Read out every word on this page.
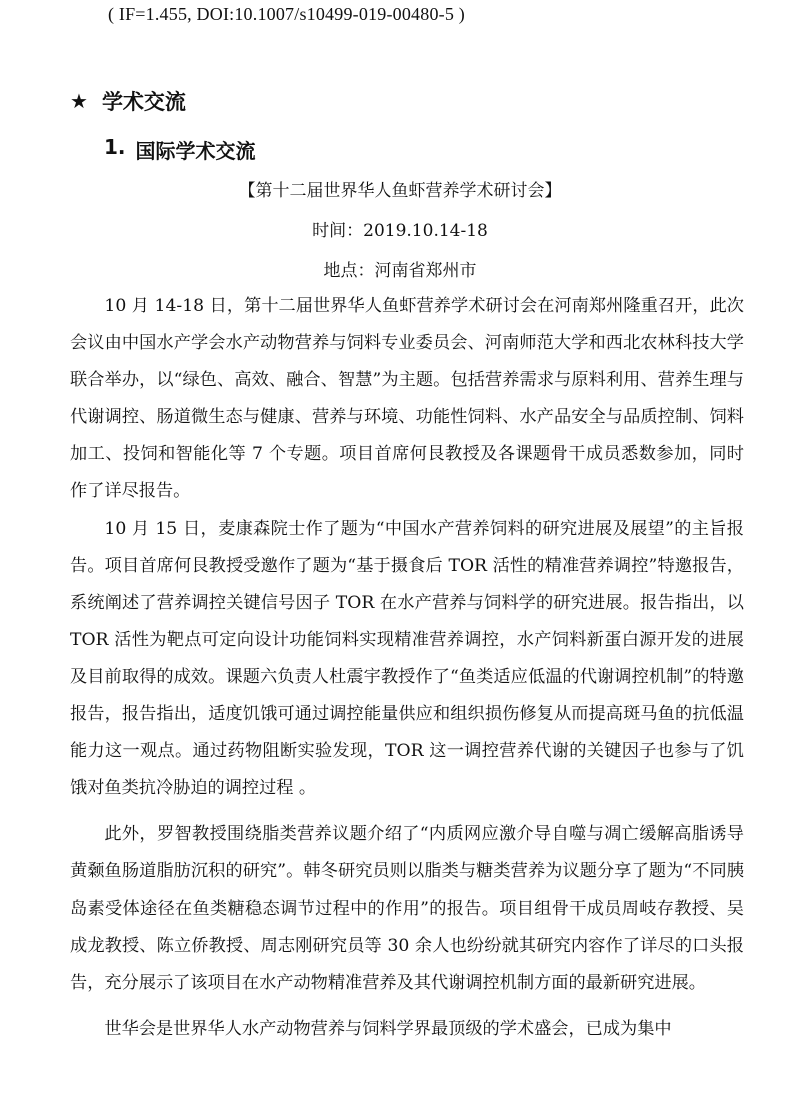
( IF=1.455, DOI:10.1007/s10499-019-00480-5 )
★ 学术交流
1. 国际学术交流
【第十二届世界华人鱼虾营养学术研讨会】
时间：2019.10.14-18
地点：河南省郑州市

10 月 14-18 日，第十二届世界华人鱼虾营养学术研讨会在河南郑州隆重召开，此次会议由中国水产学会水产动物营养与饲料专业委员会、河南师范大学和西北农林科技大学联合举办，以“绿色、高效、融合、智慧”为主题。包括营养需求与原料利用、营养生理与代谢调控、肠道微生态与健康、营养与环境、功能性饲料、水产品安全与品质控制、饲料加工、投饲和智能化等 7 个专题。项目首席何艮教授及各课题骨干成员悉数参加，同时作了详尽报告。

10 月 15 日，麦康森院士作了题为“中国水产营养饲料的研究进展及展望”的主旨报告。项目首席何艮教授受邀作了题为“基于摄食后 TOR 活性的精准营养调控”特邀报告，系统阐述了营养调控关键信号因子 TOR 在水产营养与饲料学的研究进展。报告指出，以 TOR 活性为靶点可定向设计功能饲料实现精准营养调控，水产饲料新蛋白源开发的进展及目前取得的成效。课题六负责人杜震宇教授作了“鱼类适应低温的代谢调控机制”的特邀报告，报告指出，适度饥饿可通过调控能量供应和组织损伤修复从而提高斑马鱼的抗低温能力这一观点。通过药物阻断实验发现，TOR 这一调控营养代谢的关键因子也参与了饥饿对鱼类抗冷胁迫的调控过程 。

此外，罗智教授围绕脂类营养议题介绍了“内质网应激介导自噬与凋亡缓解高脂诱导黄颡鱼肠道脂肪沉积的研究”。韩冬研究员则以脂类与糖类营养为议题分享了题为“不同胰岛素受体途径在鱼类糖稳态调节过程中的作用”的报告。项目组骨干成员周岐存教授、吴成龙教授、陈立侨教授、周志刚研究员等 30 余人也纷纷就其研究内容作了详尽的口头报告，充分展示了该项目在水产动物精准营养及其代谢调控机制方面的最新研究进展。

世华会是世界华人水产动物营养与饲料学界最顶级的学术盛会，已成为集中
